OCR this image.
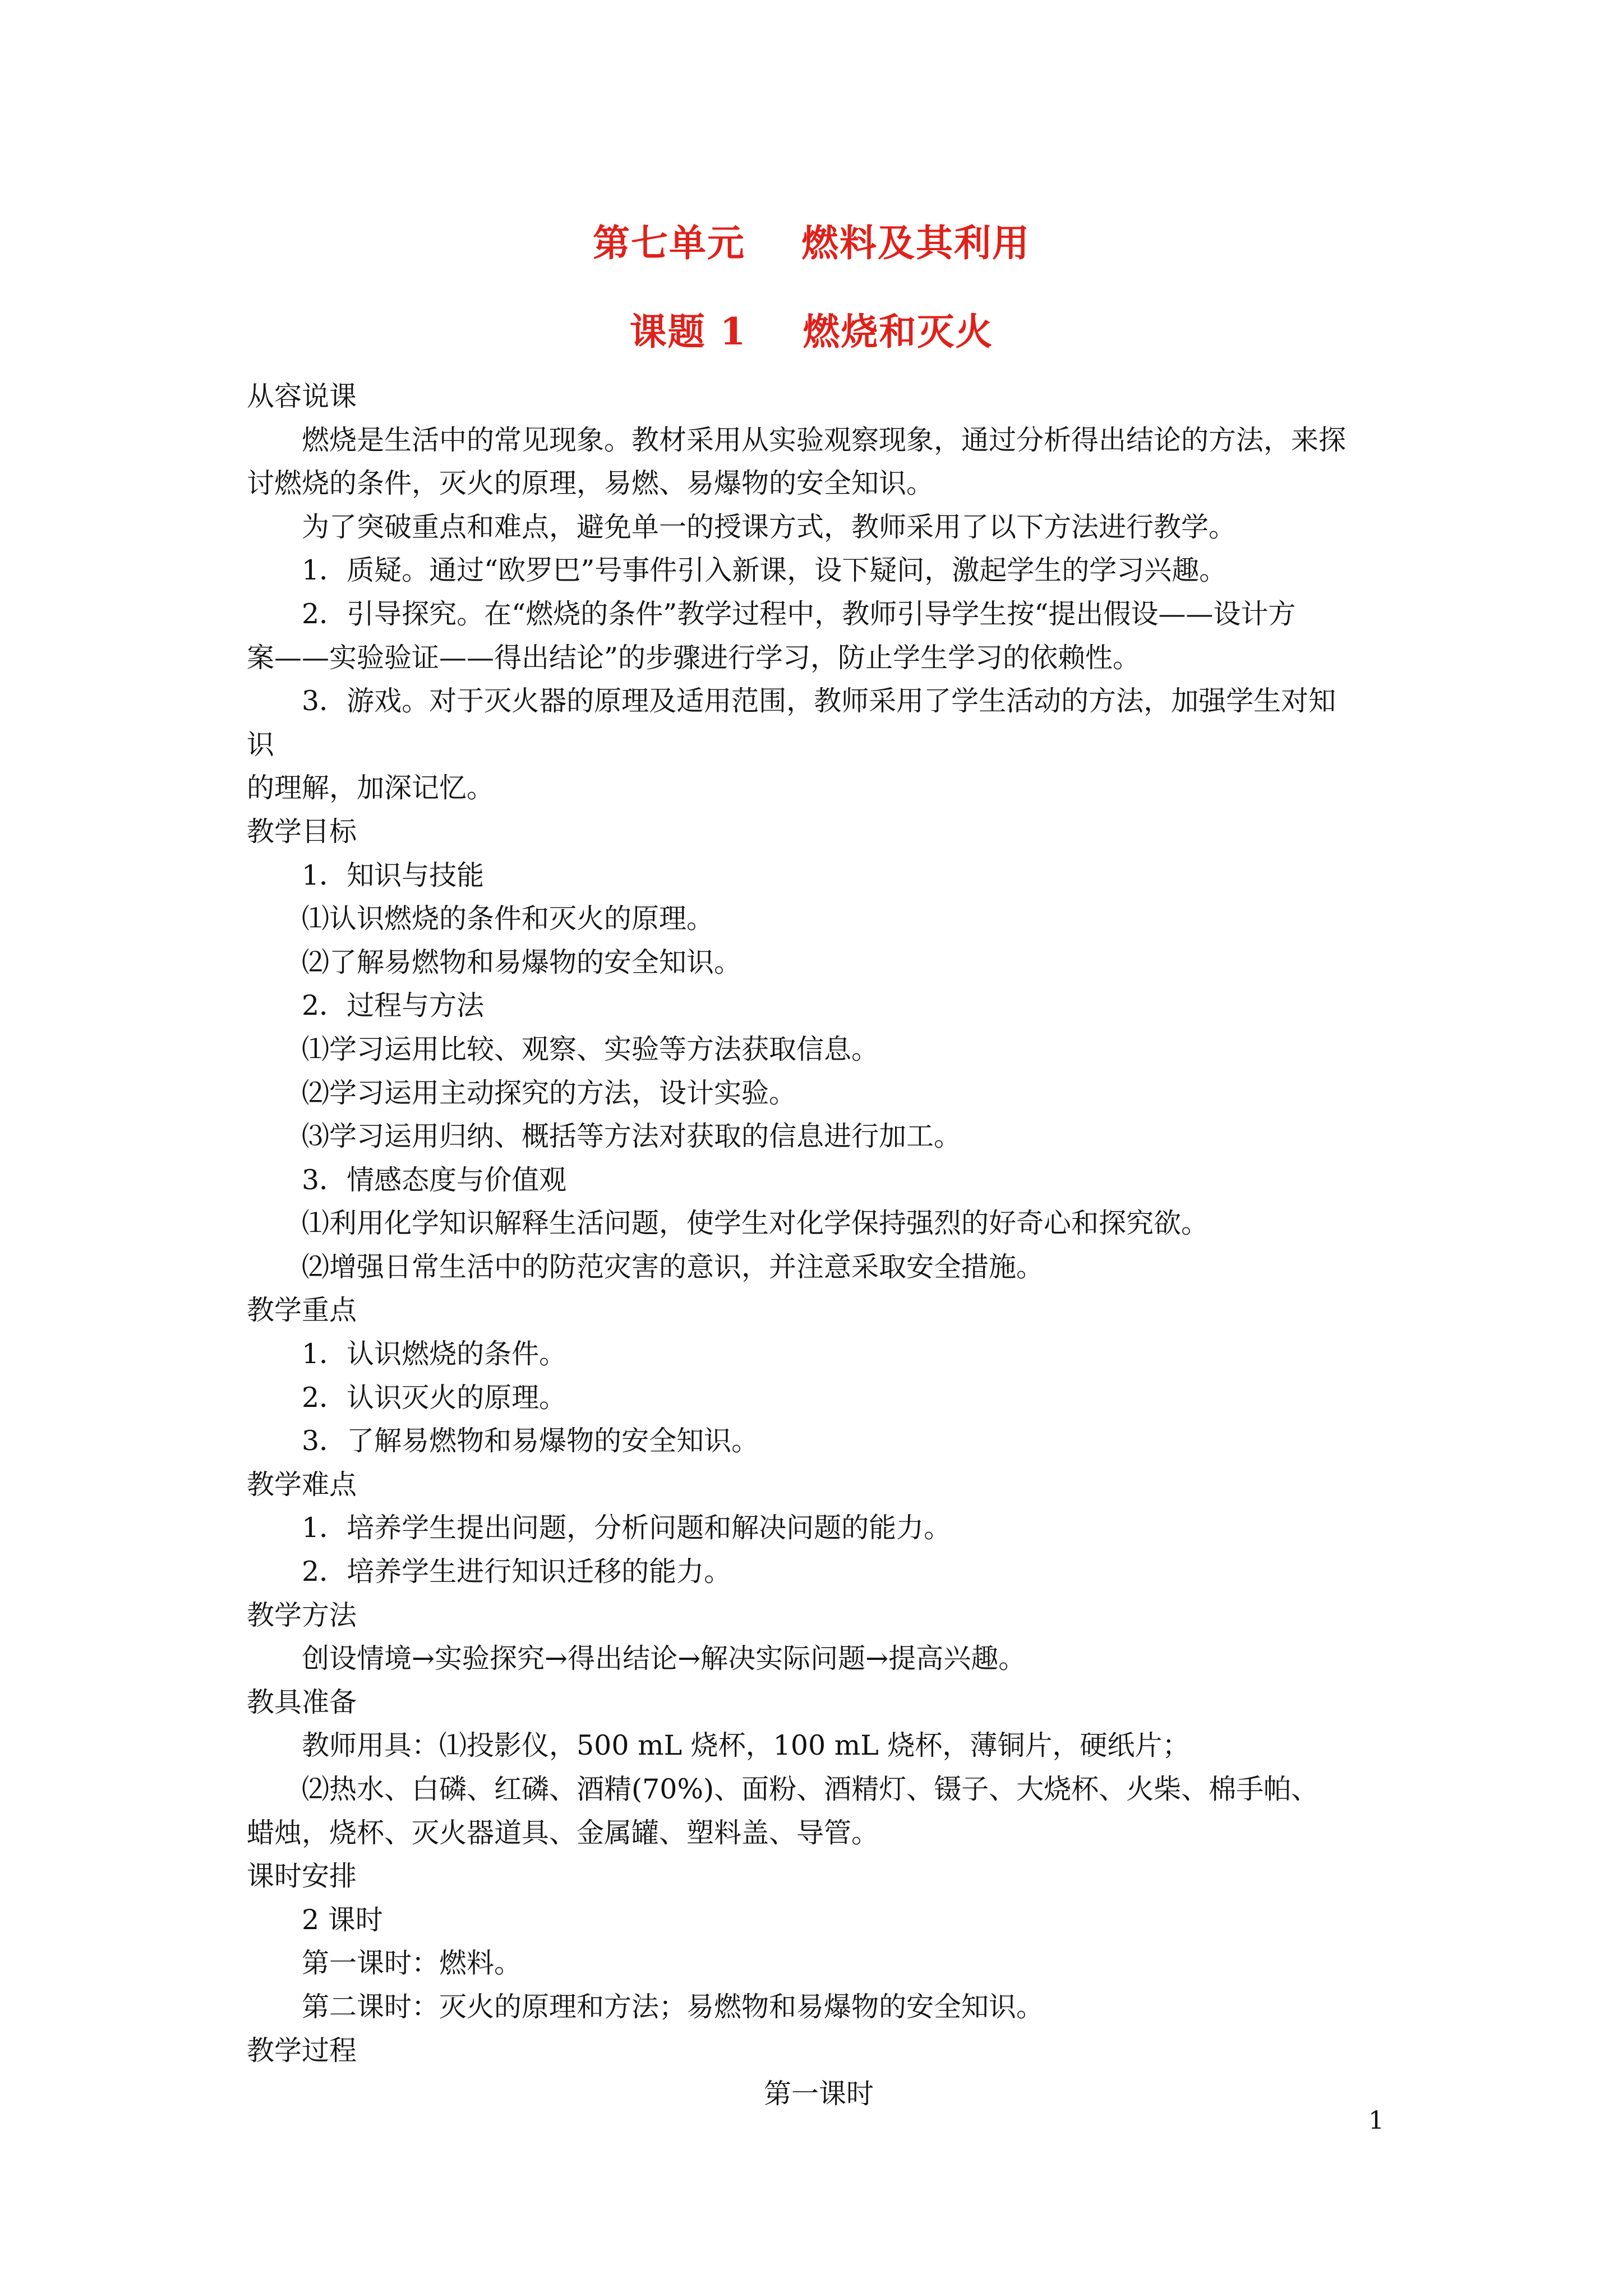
第七单元    燃料及其利用
课题 1    燃烧和灭火
从容说课
燃烧是生活中的常见现象。教材采用从实验观察现象，通过分析得出结论的方法，来探
讨燃烧的条件，灭火的原理，易燃、易爆物的安全知识。
为了突破重点和难点，避免单一的授课方式，教师采用了以下方法进行教学。
1．质疑。通过“欧罗巴”号事件引入新课，设下疑问，激起学生的学习兴趣。
2．引导探究。在“燃烧的条件”教学过程中，教师引导学生按“提出假设——设计方
案——实验验证——得出结论”的步骤进行学习，防止学生学习的依赖性。
3．游戏。对于灭火器的原理及适用范围，教师采用了学生活动的方法，加强学生对知
识
的理解，加深记忆。
教学目标
1．知识与技能
⑴认识燃烧的条件和灭火的原理。
⑵了解易燃物和易爆物的安全知识。
2．过程与方法
⑴学习运用比较、观察、实验等方法获取信息。
⑵学习运用主动探究的方法，设计实验。
⑶学习运用归纳、概括等方法对获取的信息进行加工。
3．情感态度与价值观
⑴利用化学知识解释生活问题，使学生对化学保持强烈的好奇心和探究欲。
⑵增强日常生活中的防范灾害的意识，并注意采取安全措施。
教学重点
1．认识燃烧的条件。
2．认识灭火的原理。
3．了解易燃物和易爆物的安全知识。
教学难点
1．培养学生提出问题，分析问题和解决问题的能力。
2．培养学生进行知识迁移的能力。
教学方法
创设情境→实验探究→得出结论→解决实际问题→提高兴趣。
教具准备
教师用具：⑴投影仪，500 mL 烧杯，100 mL 烧杯，薄铜片，硬纸片；
⑵热水、白磷、红磷、酒精(70%)、面粉、酒精灯、镊子、大烧杯、火柴、棉手帕、
蜡烛，烧杯、灭火器道具、金属罐、塑料盖、导管。
课时安排
2 课时
第一课时：燃料。
第二课时：灭火的原理和方法；易燃物和易爆物的安全知识。
教学过程
第一课时
1
